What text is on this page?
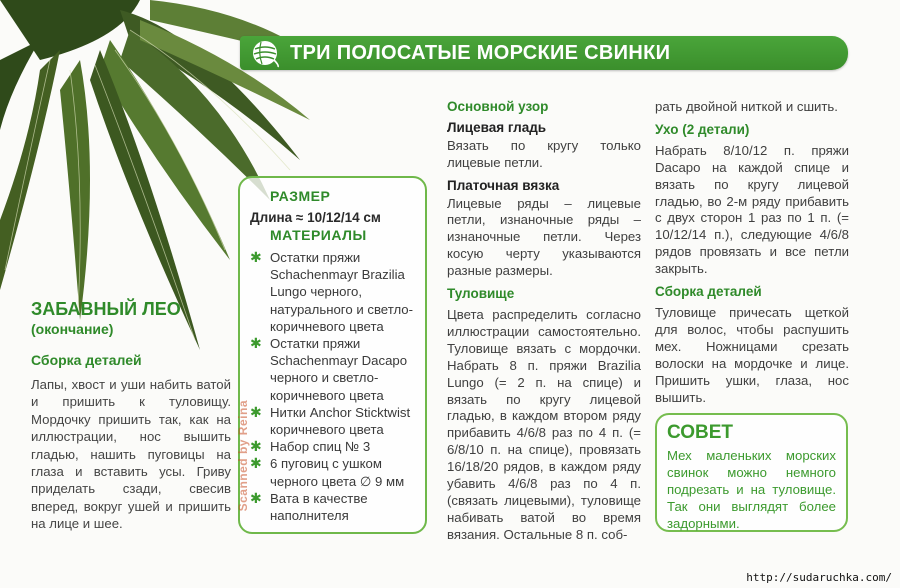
ТРИ ПОЛОСАТЫЕ МОРСКИЕ СВИНКИ
ЗАБАВНЫЙ ЛЕО
(окончание)
Сборка деталей

Лапы, хвост и уши набить ватой и пришить к туловищу. Мордочку пришить так, как на иллюстрации, нос вышить гладью, нашить пуговицы на глаза и вставить усы. Гриву приделать сзади, свесив вперед, вокруг ушей и пришить на лице и шее.

РАЗМЕР
Длина ≈ 10/12/14 см
МАТЕРИАЛЫ
✱ Остатки пряжи Schachenmayr Brazilia Lungo черного, натурального и светло-коричневого цвета
✱ Остатки пряжи Schachenmayr Dacapo черного и светло-коричневого цвета
✱ Нитки Anchor Sticktwist коричневого цвета
✱ Набор спиц № 3
✱ 6 пуговиц с ушком черного цвета ∅ 9 мм
✱ Вата в качестве наполнителя
Scanned by Reina
Основной узор
Лицевая гладь

Вязать по кругу только лицевые петли.

Платочная вязка

Лицевые ряды – лицевые петли, изнаночные ряды – изнаночные петли. Через косую черту указываются разные размеры.

Туловище

Цвета распределить согласно иллюстрации самостоятельно. Туловище вязать с мордочки. Набрать 8 п. пряжи Brazilia Lungo (= 2 п. на спице) и вязать по кругу лицевой гладью, в каждом втором ряду прибавить 4/6/8 раз по 4 п. (= 6/8/10 п. на спице), провязать 16/18/20 рядов, в каждом ряду убавить 4/6/8 раз по 4 п. (связать лицевыми), туловище набивать ватой во время вязания. Остальные 8 п. соб-

рать двойной ниткой и сшить.

Ухо (2 детали)

Набрать 8/10/12 п. пряжи Dacapo на каждой спице и вязать по кругу лицевой гладью, во 2-м ряду прибавить с двух сторон 1 раз по 1 п. (= 10/12/14 п.), следующие 4/6/8 рядов провязать и все петли закрыть.

Сборка деталей

Туловище причесать щеткой для волос, чтобы распушить мех. Ножницами срезать волоски на мордочке и лице. Пришить ушки, глаза, нос вышить.

СОВЕТ

Мех маленьких морских свинок можно немного подрезать и на туловище. Так они выглядят более задорными.

http://sudaruchka.com/
